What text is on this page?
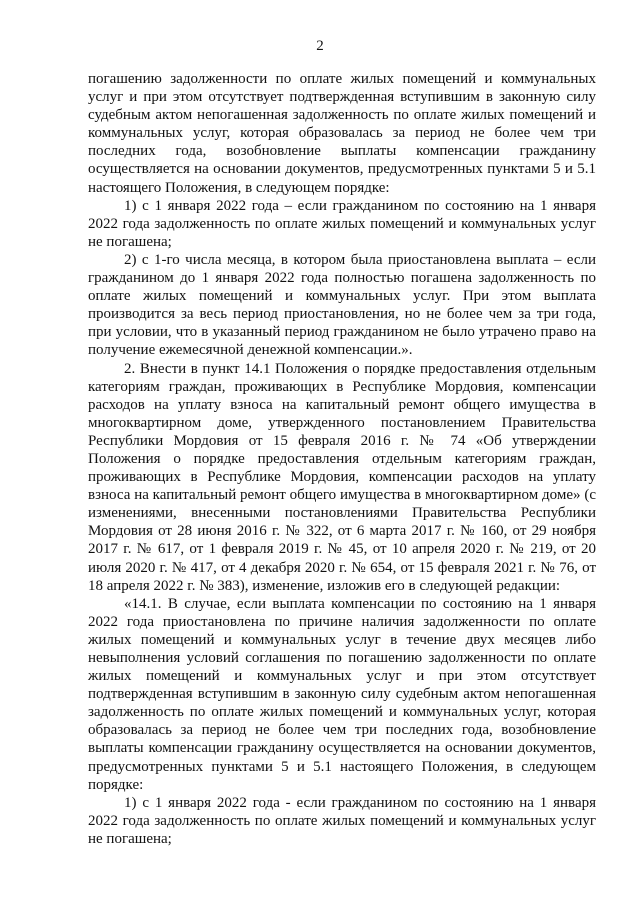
2

погашению задолженности по оплате жилых помещений и коммунальных услуг и при этом отсутствует подтвержденная вступившим в законную силу судебным актом непогашенная задолженность по оплате жилых помещений и коммунальных услуг, которая образовалась за период не более чем три последних года, возобновление выплаты компенсации гражданину осуществляется на основании документов, предусмотренных пунктами 5 и 5.1 настоящего Положения, в следующем порядке:

1) с 1 января 2022 года – если гражданином по состоянию на 1 января 2022 года задолженность по оплате жилых помещений и коммунальных услуг не погашена;

2) с 1-го числа месяца, в котором была приостановлена выплата – если гражданином до 1 января 2022 года полностью погашена задолженность по оплате жилых помещений и коммунальных услуг. При этом выплата производится за весь период приостановления, но не более чем за три года, при условии, что в указанный период гражданином не было утрачено право на получение ежемесячной денежной компенсации.».

2. Внести в пункт 14.1 Положения о порядке предоставления отдельным категориям граждан, проживающих в Республике Мордовия, компенсации расходов на уплату взноса на капитальный ремонт общего имущества в многоквартирном доме, утвержденного постановлением Правительства Республики Мордовия от 15 февраля 2016 г. № 74 «Об утверждении Положения о порядке предоставления отдельным категориям граждан, проживающих в Республике Мордовия, компенсации расходов на уплату взноса на капитальный ремонт общего имущества в многоквартирном доме» (с изменениями, внесенными постановлениями Правительства Республики Мордовия от 28 июня 2016 г. № 322, от 6 марта 2017 г. № 160, от 29 ноября 2017 г. № 617, от 1 февраля 2019 г. № 45, от 10 апреля 2020 г. № 219, от 20 июля 2020 г. № 417, от 4 декабря 2020 г. № 654, от 15 февраля 2021 г. № 76, от 18 апреля 2022 г. № 383), изменение, изложив его в следующей редакции:

«14.1. В случае, если выплата компенсации по состоянию на 1 января 2022 года приостановлена по причине наличия задолженности по оплате жилых помещений и коммунальных услуг в течение двух месяцев либо невыполнения условий соглашения по погашению задолженности по оплате жилых помещений и коммунальных услуг и при этом отсутствует подтвержденная вступившим в законную силу судебным актом непогашенная задолженность по оплате жилых помещений и коммунальных услуг, которая образовалась за период не более чем три последних года, возобновление выплаты компенсации гражданину осуществляется на основании документов, предусмотренных пунктами 5 и 5.1 настоящего Положения, в следующем порядке:

1) с 1 января 2022 года - если гражданином по состоянию на 1 января 2022 года задолженность по оплате жилых помещений и коммунальных услуг не погашена;
